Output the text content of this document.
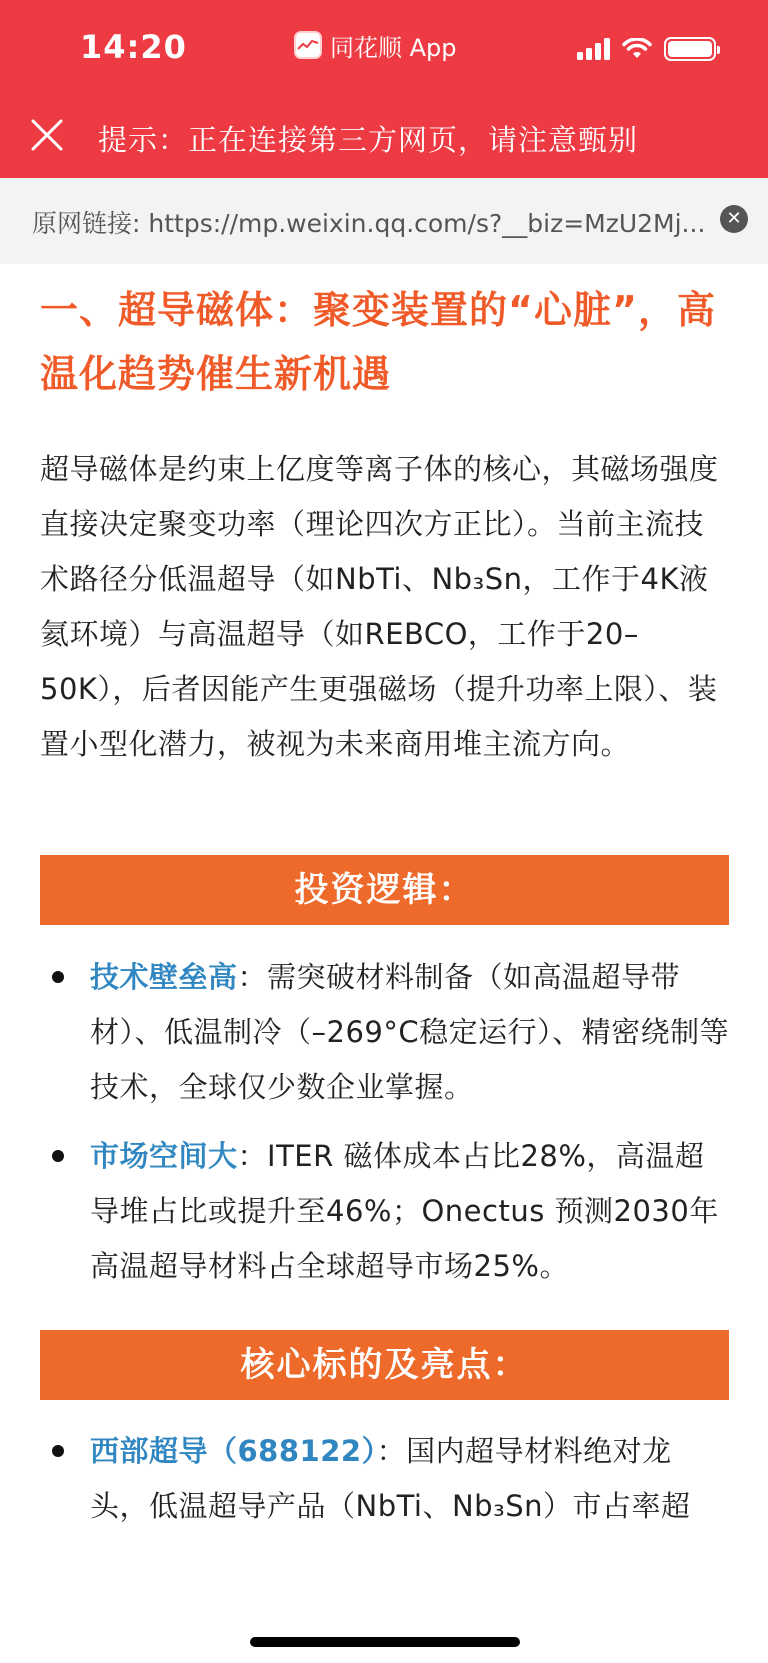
14:20	同花顺 App
提示：正在连接第三方网页，请注意甄别
原网链接: https://mp.weixin.qq.com/s?__biz=MzU2Mj...	✕
一、超导磁体：聚变装置的“心脏”，高温化趋势催生新机遇

超导磁体是约束上亿度等离子体的核心，其磁场强度直接决定聚变功率（理论四次方正比）。当前主流技术路径分低温超导（如NbTi、Nb₃Sn，工作于4K液氦环境）与高温超导（如REBCO，工作于20–50K），后者因能产生更强磁场（提升功率上限）、装置小型化潜力，被视为未来商用堆主流方向。

投资逻辑：
技术壁垒高：需突破材料制备（如高温超导带材）、低温制冷（–269°C稳定运行）、精密绕制等技术，全球仅少数企业掌握。
市场空间大：ITER 磁体成本占比28%，高温超导堆占比或提升至46%；Onectus 预测2030年高温超导材料占全球超导市场25%。
核心标的及亮点：
西部超导（688122）：国内超导材料绝对龙头，低温超导产品（NbTi、Nb₃Sn）市占率超
